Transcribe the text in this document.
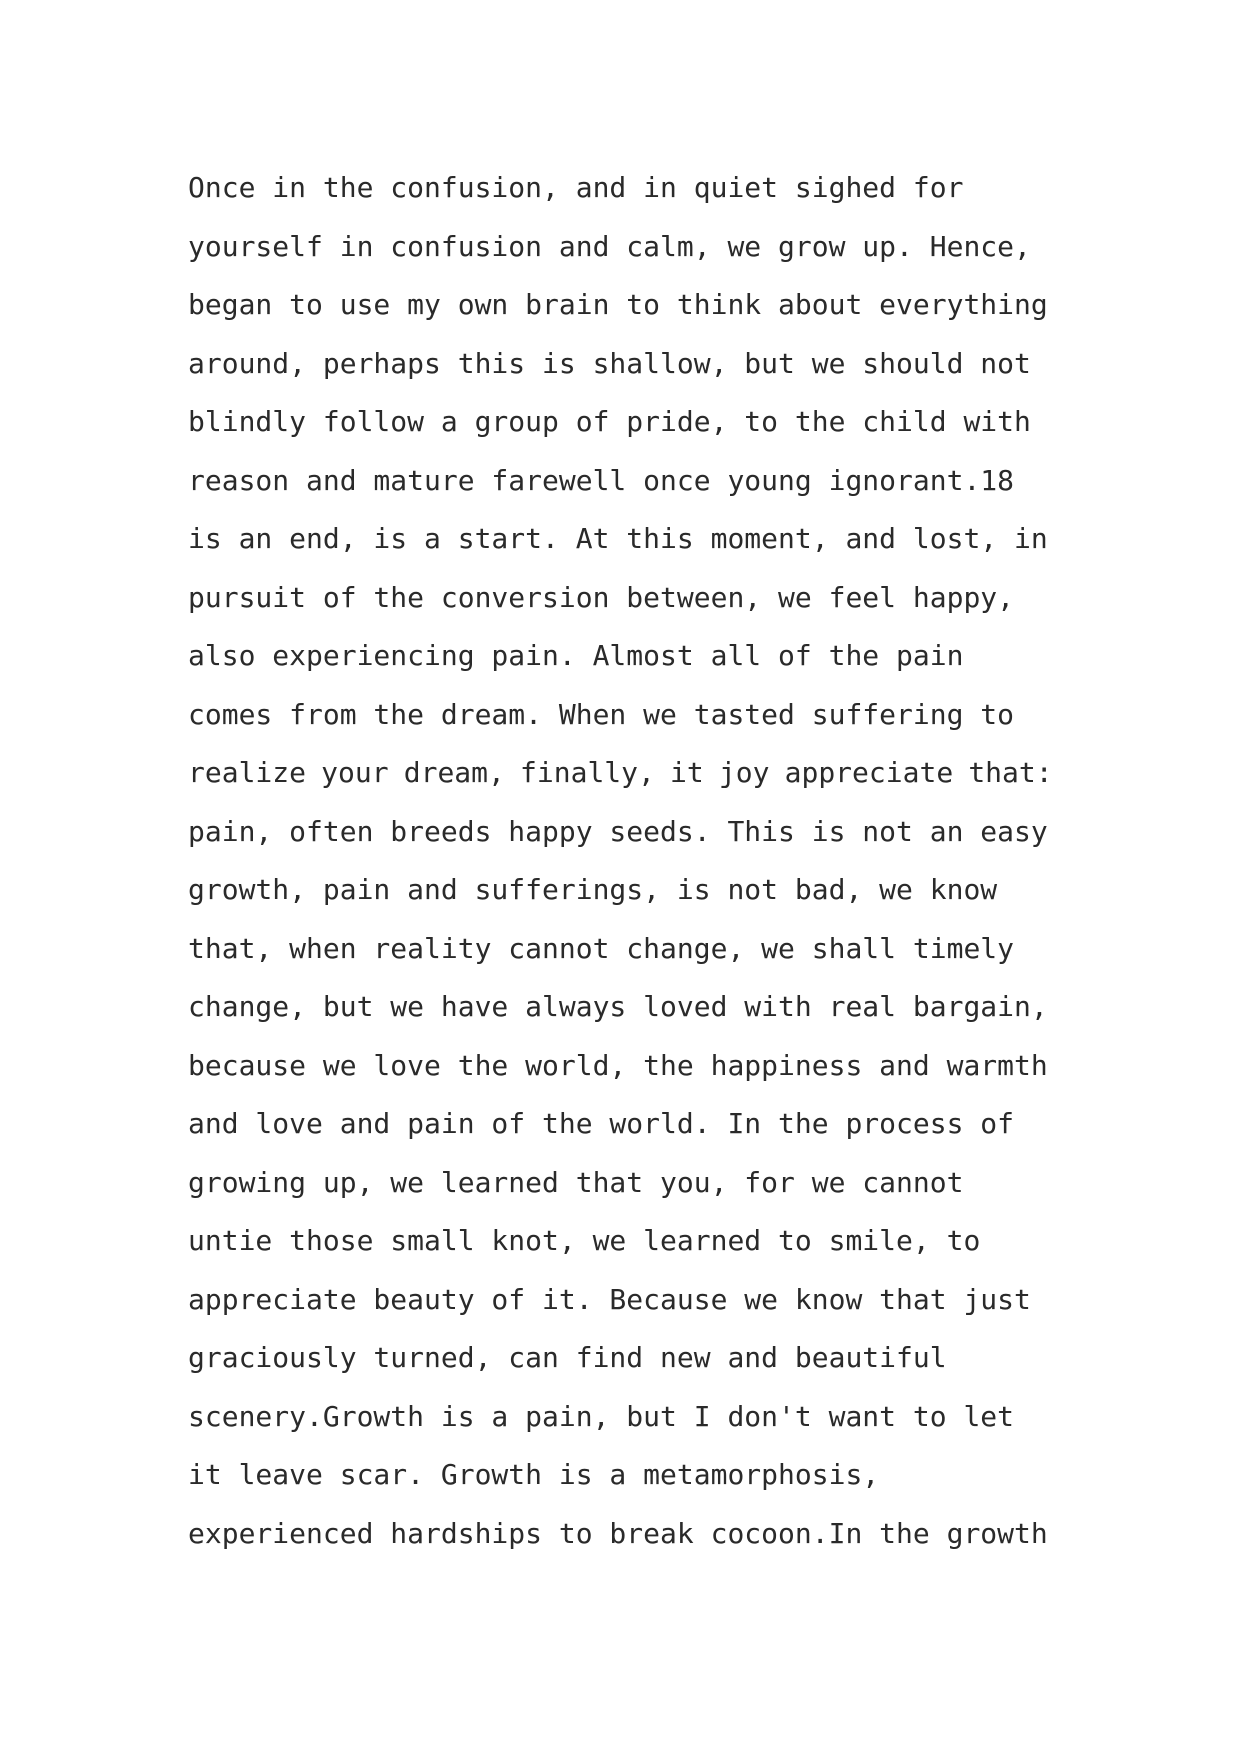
Once in the confusion, and in quiet sighed for
yourself in confusion and calm, we grow up. Hence,
began to use my own brain to think about everything
around, perhaps this is shallow, but we should not
blindly follow a group of pride, to the child with
reason and mature farewell once young ignorant.18
is an end, is a start. At this moment, and lost, in
pursuit of the conversion between, we feel happy,
also experiencing pain. Almost all of the pain
comes from the dream. When we tasted suffering to
realize your dream, finally, it joy appreciate that:
pain, often breeds happy seeds. This is not an easy
growth, pain and sufferings, is not bad, we know
that, when reality cannot change, we shall timely
change, but we have always loved with real bargain,
because we love the world, the happiness and warmth
and love and pain of the world. In the process of
growing up, we learned that you, for we cannot
untie those small knot, we learned to smile, to
appreciate beauty of it. Because we know that just
graciously turned, can find new and beautiful
scenery.Growth is a pain, but I don't want to let
it leave scar. Growth is a metamorphosis,
experienced hardships to break cocoon.In the growth
